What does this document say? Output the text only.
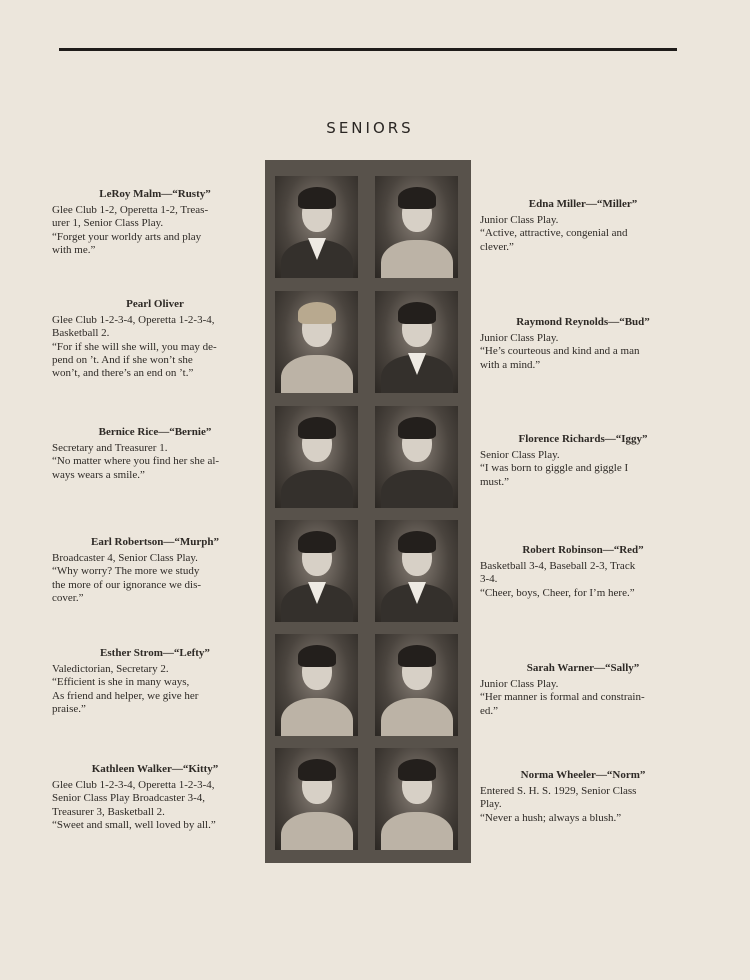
SENIORS
LeRoy Malm—“Rusty”
Glee Club 1-2, Operetta 1-2, Treas-
urer 1, Senior Class Play.
“Forget your worldy arts and play
with me.”
Pearl Oliver
Glee Club 1-2-3-4, Operetta 1-2-3-4,
Basketball 2.
“For if she will she will, you may de-
pend on ’t. And if she won’t she
won’t, and there’s an end on ’t.”
Bernice Rice—“Bernie”
Secretary and Treasurer 1.
“No matter where you find her she al-
ways wears a smile.”
Earl Robertson—“Murph”
Broadcaster 4, Senior Class Play.
“Why worry? The more we study
the more of our ignorance we dis-
cover.”
Esther Strom—“Lefty”
Valedictorian, Secretary 2.
“Efficient is she in many ways,
As friend and helper, we give her
praise.”
Kathleen Walker—“Kitty”
Glee Club 1-2-3-4, Operetta 1-2-3-4,
Senior Class Play Broadcaster 3-4,
Treasurer 3, Basketball 2.
“Sweet and small, well loved by all.”
Edna Miller—“Miller”
Junior Class Play.
“Active, attractive, congenial and
clever.”
Raymond Reynolds—“Bud”
Junior Class Play.
“He’s courteous and kind and a man
with a mind.”
Florence Richards—“Iggy”
Senior Class Play.
“I was born to giggle and giggle I
must.”
Robert Robinson—“Red”
Basketball 3-4, Baseball 2-3, Track
3-4.
“Cheer, boys, Cheer, for I’m here.”
Sarah Warner—“Sally”
Junior Class Play.
“Her manner is formal and constrain-
ed.”
Norma Wheeler—“Norm”
Entered S. H. S. 1929, Senior Class
Play.
“Never a hush; always a blush.”
